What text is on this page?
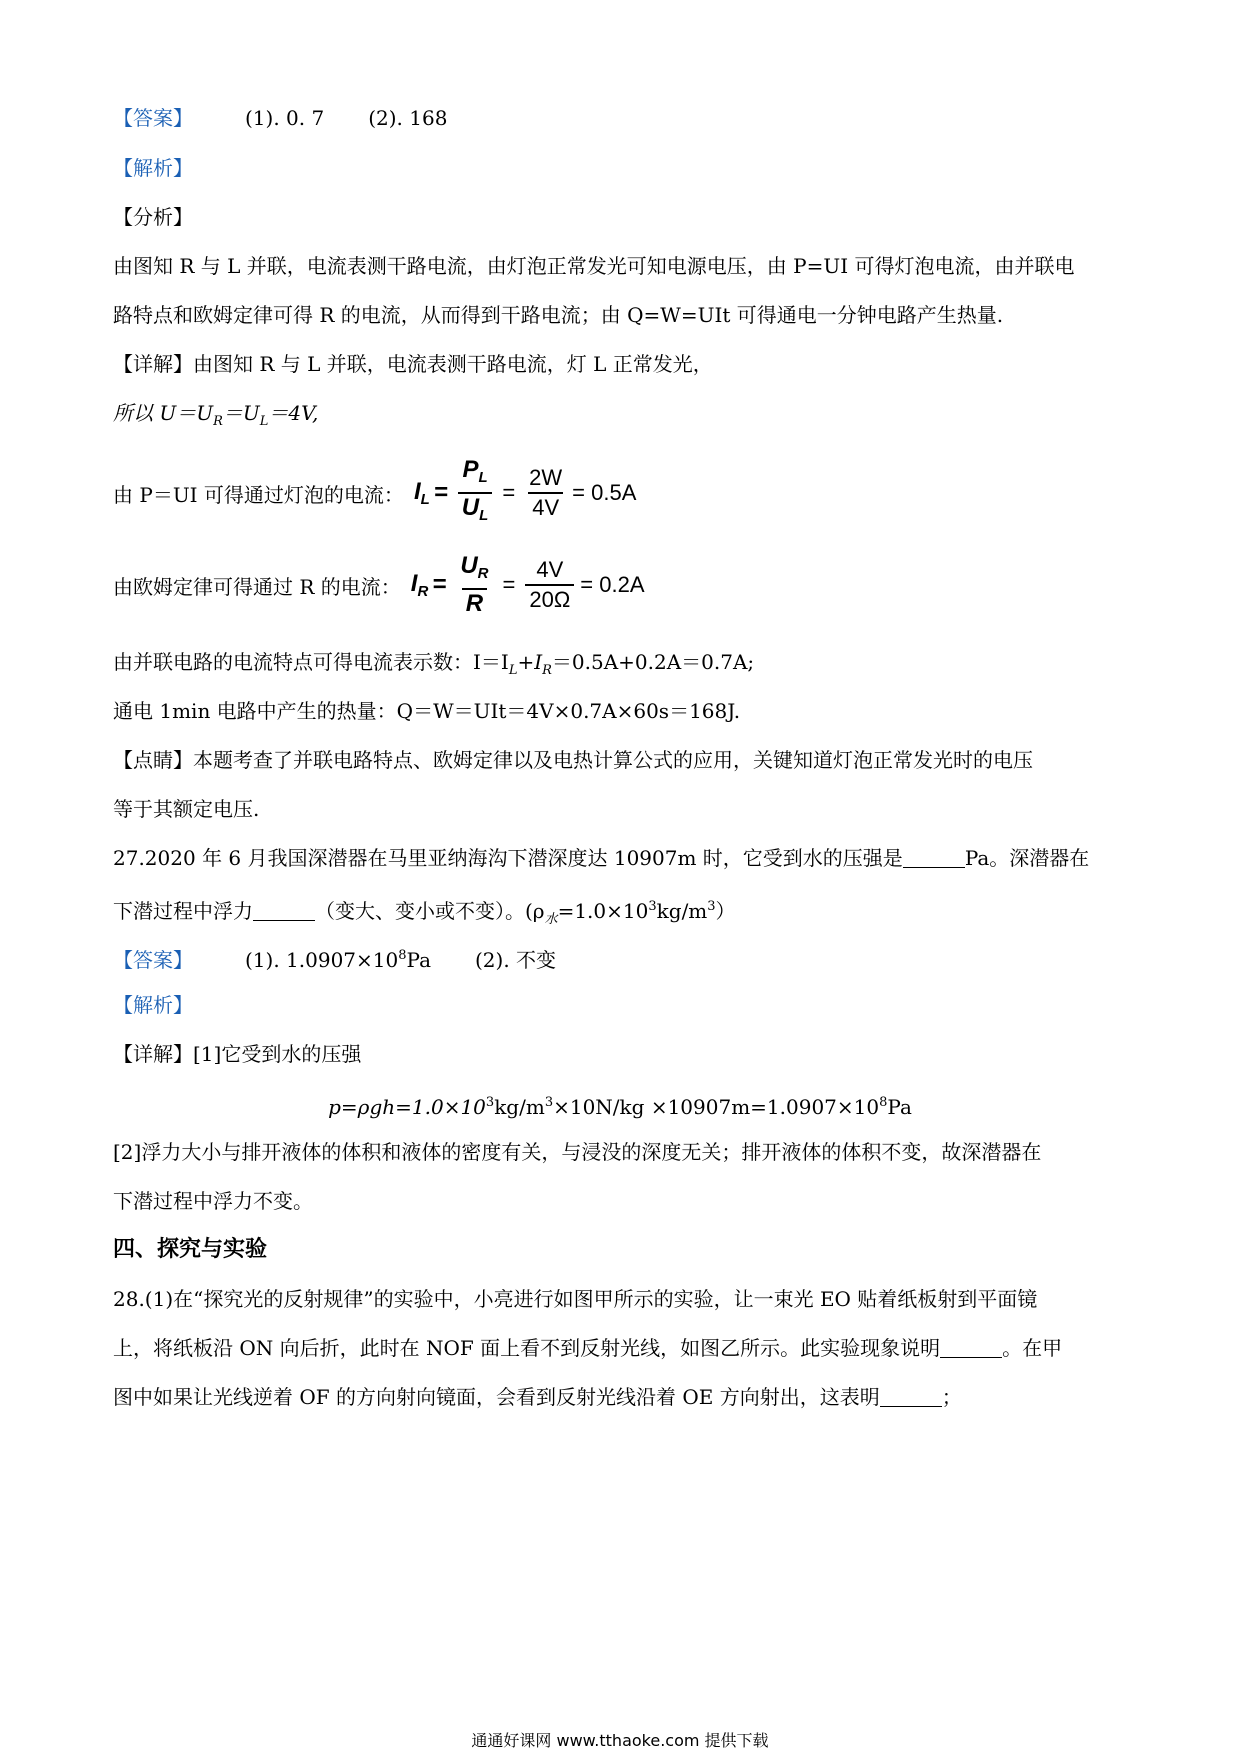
【答案】	(1). 0. 7 (2). 168
【解析】
【分析】
由图知 R 与 L 并联，电流表测干路电流，由灯泡正常发光可知电源电压，由 P=UI 可得灯泡电流，由并联电
路特点和欧姆定律可得 R 的电流，从而得到干路电流；由 Q=W=UIt 可得通电一分钟电路产生热量.
【详解】由图知 R 与 L 并联，电流表测干路电流，灯 L 正常发光，
所以 $U=U_R=U_L=4V$,
由 P＝UI 可得通过灯泡的电流： $I_L = \frac{P_L}{U_L} = \frac{2W}{4V} = 0.5A$
由欧姆定律可得通过 R 的电流： $I_R = \frac{U_R}{R} = \frac{4V}{20\Omega} = 0.2A$
由并联电路的电流特点可得电流表示数：$I=I_L+I_R=0.5A+0.2A=0.7A$;
通电 1min 电路中产生的热量：Q＝W＝UIt＝4V×0.7A×60s＝168J.
【点睛】本题考查了并联电路特点、欧姆定律以及电热计算公式的应用，关键知道灯泡正常发光时的电压
等于其额定电压.
27.2020 年 6 月我国深潜器在马里亚纳海沟下潜深度达 10907m 时，它受到水的压强是	Pa。深潜器在
下潜过程中浮力	（变大、变小或不变）。$(\rho_水=1.0\times 10^3kg/m^3)$
【答案】	(1). $1.0907\times 10^8Pa$ (2). 不变
【解析】
【详解】[1]它受到水的压强
$p=\rho gh=1.0\times 10^3kg/m^3\times 10N/kg \times 10907m=1.0907\times 10^8Pa$
[2]浮力大小与排开液体的体积和液体的密度有关，与浸没的深度无关；排开液体的体积不变，故深潜器在
下潜过程中浮力不变。
四、探究与实验
28.(1)在“探究光的反射规律”的实验中，小亮进行如图甲所示的实验，让一束光 EO 贴着纸板射到平面镜
上，将纸板沿 ON 向后折，此时在 NOF 面上看不到反射光线，如图乙所示。此实验现象说明	。在甲
图中如果让光线逆着 OF 的方向射向镜面，会看到反射光线沿着 OE 方向射出，这表明	；
通通好课网 www.tthaoke.com 提供下载
